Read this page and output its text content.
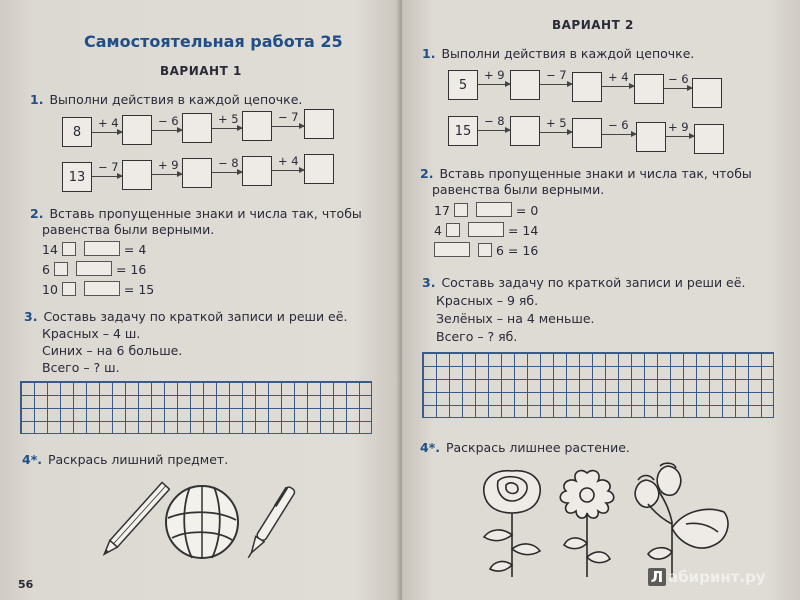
Самостоятельная работа 25
ВАРИАНТ 1
1. Выполни действия в каждой цепочке.
8
+ 4	− 6	+ 5	− 7
13
− 7	+ 9	− 8	+ 4
2. Вставь пропущенные знаки и числа так, чтобы
равенства были верными.
14	= 4
6	= 16
10	= 15
3. Составь задачу по краткой записи и реши её.
Красных – 4 ш.
Синих – на 6 больше.
Всего – ? ш.
4*. Раскрась лишний предмет.
56
ВАРИАНТ 2
1. Выполни действия в каждой цепочке.
5
+ 9	− 7	+ 4	− 6
15
− 8	+ 5	− 6	+ 9
2. Вставь пропущенные знаки и числа так, чтобы
равенства были верными.
17	= 0
4	= 14
6 = 16
3. Составь задачу по краткой записи и реши её.
Красных – 9 яб.
Зелёных – на 4 меньше.
Всего – ? яб.
4*. Раскрась лишнее растение.
Л абиринт.ру
